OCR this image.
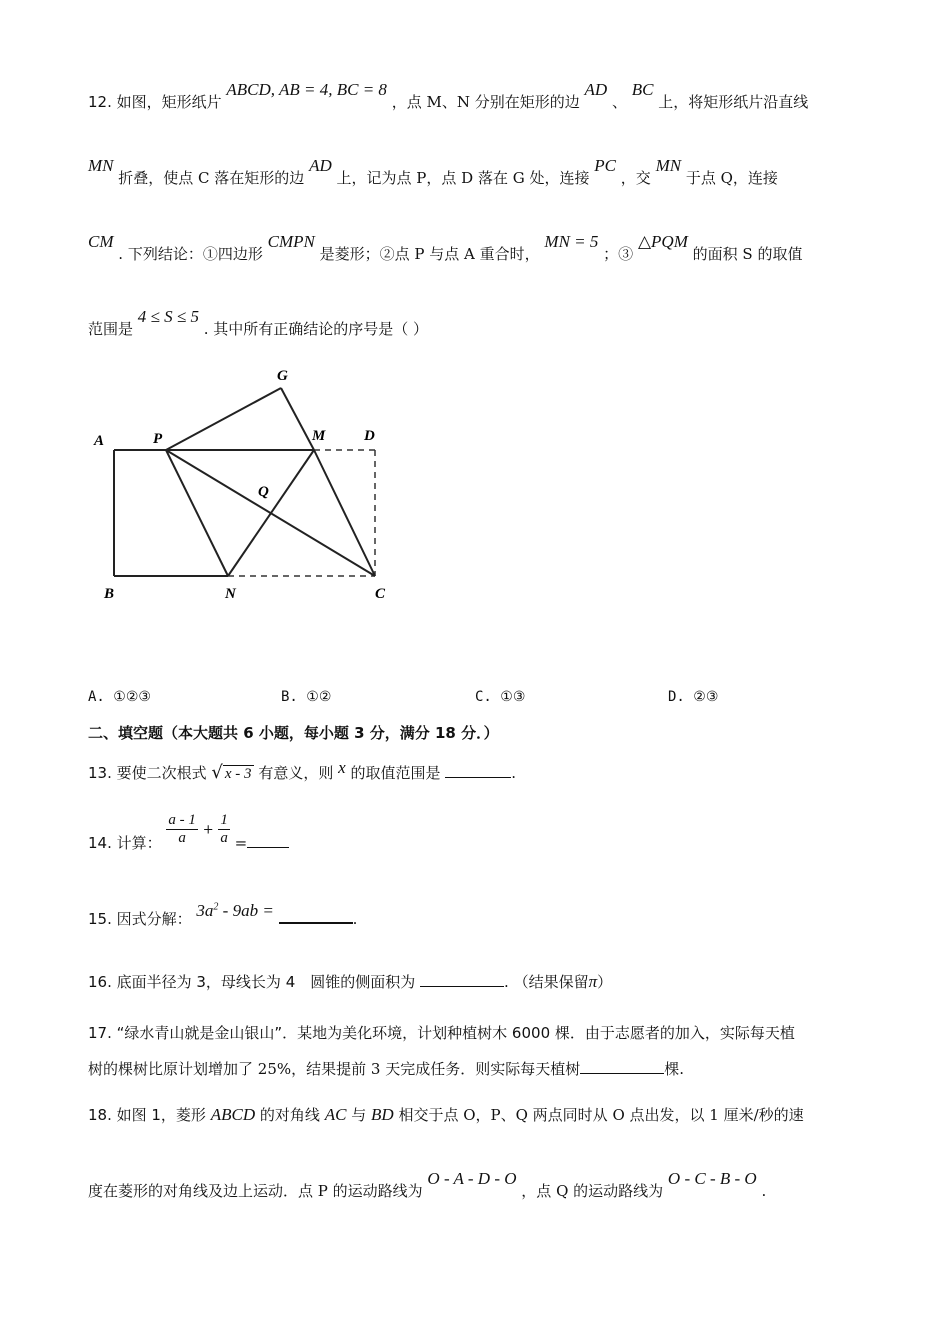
12. 如图，矩形纸片 ABCD, AB = 4, BC = 8 ，点 M、N 分别在矩形的边 AD 、 BC 上，将矩形纸片沿直线
MN 折叠，使点 C 落在矩形的边 AD 上，记为点 P，点 D 落在 G 处，连接 PC ，交 MN 于点 Q，连接
CM . 下列结论：①四边形 CMPN 是菱形；②点 P 与点 A 重合时， MN = 5 ；③ △PQM 的面积 S 的取值
范围是 4 ≤ S ≤ 5 . 其中所有正确结论的序号是（ ）
A	P
G
M	D
Q
B	N	C
A. ①②③	B. ①②	C. ①③	D. ②③
二、填空题（本大题共 6 小题，每小题 3 分，满分 18 分．）
13. 要使二次根式 √ x - 3 有意义，则 x 的取值范围是	.
14. 计算： $\frac{a - 1}{a} + \frac{1}{a}$ =
15. 因式分解： $3a^2 - 9ab$ =	.
16. 底面半径为 3，母线长为 4　圆锥的侧面积为	. （结果保留π）
17. “绿水青山就是金山银山”．某地为美化环境，计划种植树木 6000 棵．由于志愿者的加入，实际每天植
树的棵树比原计划增加了 25%，结果提前 3 天完成任务．则实际每天植树	棵.
18. 如图 1，菱形 ABCD 的对角线 AC 与 BD 相交于点 O，P、Q 两点同时从 O 点出发，以 1 厘米/秒的速
度在菱形的对角线及边上运动．点 P 的运动路线为 O - A - D - O ，点 Q 的运动路线为 O - C - B - O .
